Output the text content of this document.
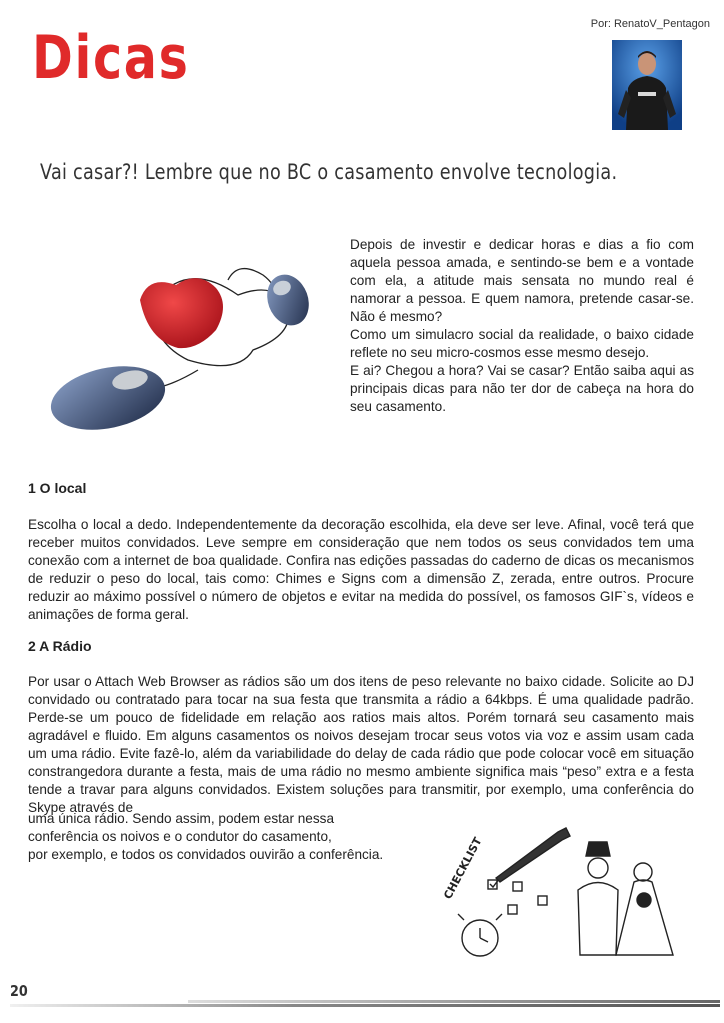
Por: RenatoV_Pentagon
Dicas
Vai casar?! Lembre que no BC o casamento envolve tecnologia.

Depois de investir e dedicar horas e dias a fio com aquela pessoa amada, e sentindo-se bem e a vontade com ela, a atitude mais sensata no mundo real é namorar a pessoa. E quem namora, pretende casar-se. Não é mesmo?

Como um simulacro social da realidade, o baixo cidade reflete no seu micro-cosmos esse mesmo desejo.

E ai? Chegou a hora? Vai se casar? Então saiba aqui as principais dicas para não ter dor de cabeça na hora do seu casamento.

1 O local

Escolha o local a dedo. Independentemente da decoração escolhida, ela deve ser leve. Afinal, você terá que receber muitos convidados. Leve sempre em consideração que nem todos os seus convidados tem uma conexão com a internet de boa qualidade. Confira nas edições passadas do caderno de dicas os mecanismos de reduzir o peso do local, tais como: Chimes e Signs com a dimensão Z, zerada, entre outros. Procure reduzir ao máximo possível o número de objetos e evitar na medida do possível, os famosos GIF`s, vídeos e animações de forma geral.

2 A Rádio

Por usar o Attach Web Browser as rádios são um dos itens de peso relevante no baixo cidade. Solicite ao DJ convidado ou contratado para tocar na sua festa que transmita a rádio a 64kbps. É uma qualidade padrão. Perde-se um pouco de fidelidade em relação aos ratios mais altos. Porém tornará seu casamento mais agradável e fluido. Em alguns casamentos os noivos desejam trocar seus votos via voz e assim usam cada um uma rádio. Evite fazê-lo, além da variabilidade do delay de cada rádio que pode colocar você em situação constrangedora durante a festa, mais de uma rádio no mesmo ambiente significa mais “peso” extra e a festa tende a travar para alguns convidados. Existem soluções para transmitir, por exemplo, uma conferência do Skype através de

uma única rádio. Sendo assim, podem estar nessa
conferência os noivos e o condutor do casamento,
por exemplo, e todos os convidados ouvirão a conferência.	CHECKLIST
20
